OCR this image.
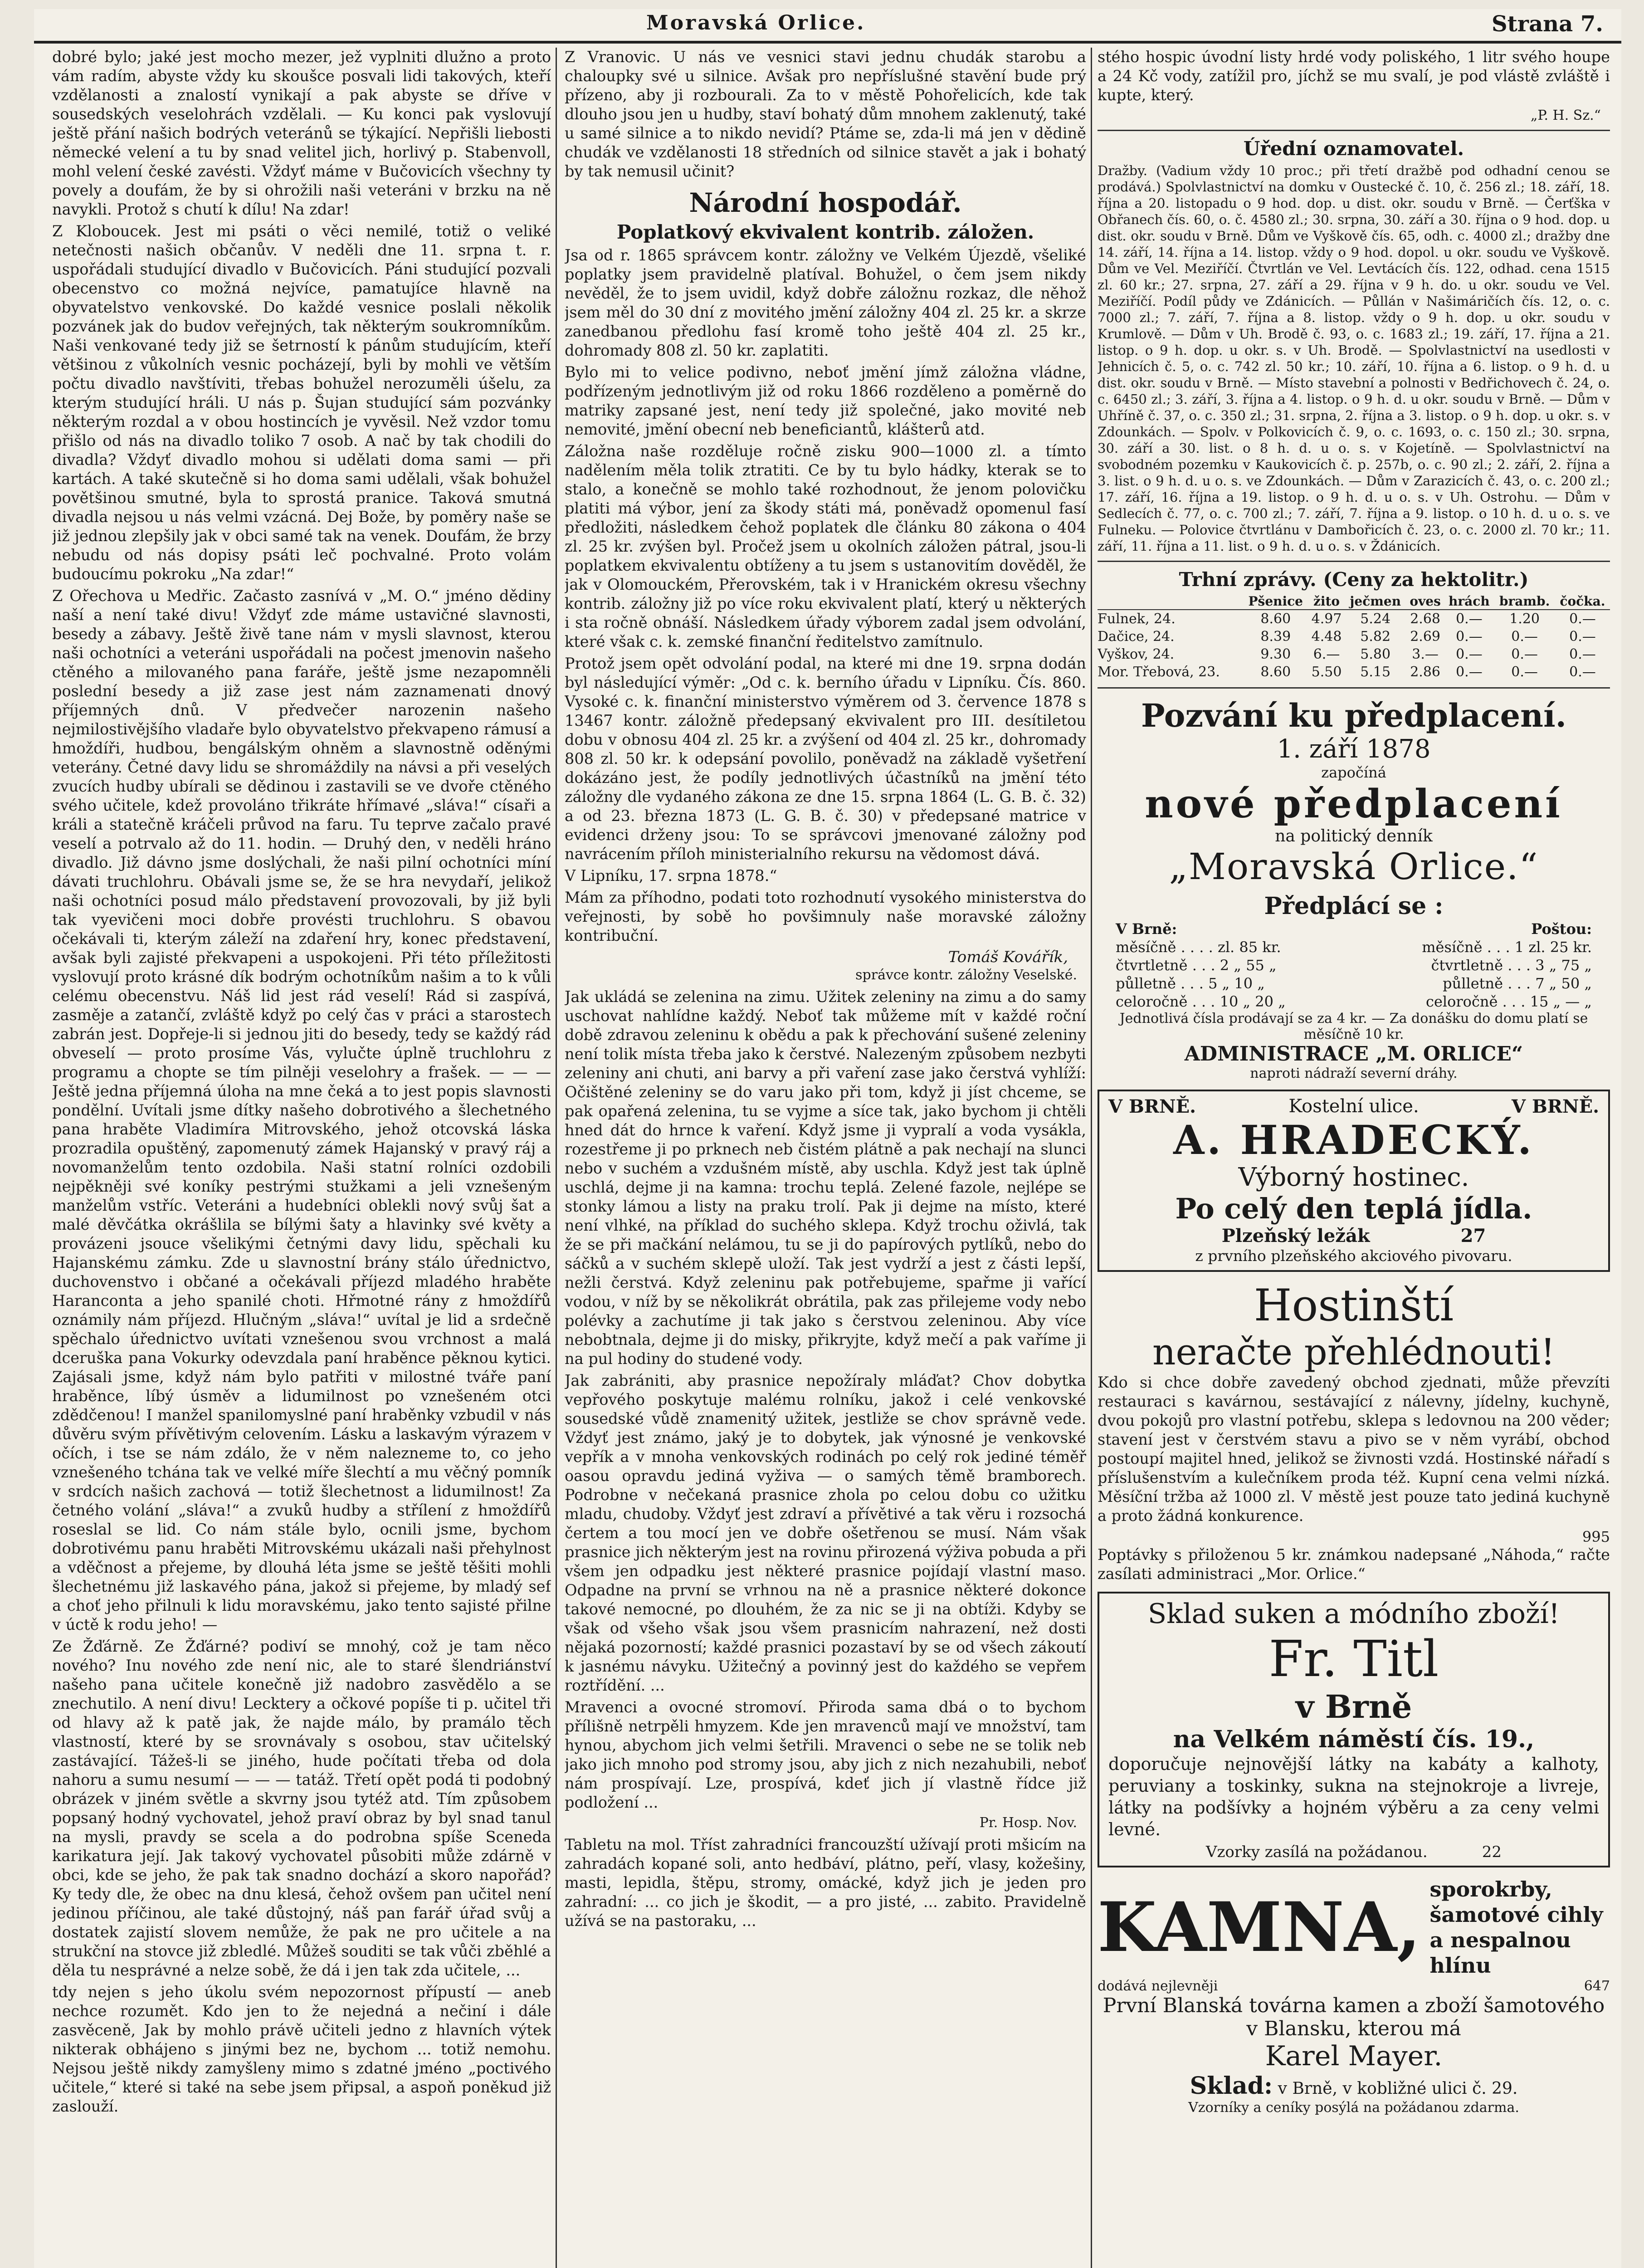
Moravská Orlice.	Strana 7.

dobré bylo; jaké jest mocho mezer, jež vyplniti dlužno a proto vám radím, abyste vždy ku skoušce posvali lidi takových, kteří vzdělanosti a znalostí vynikají a pak abyste se dříve v sousedských veselohrách vzdělali. — Ku konci pak vyslovují ještě přání našich bodrých veteránů se týkající. Nepřišli liebosti německé velení a tu by snad velitel jich, horlivý p. Stabenvoll, mohl velení české zavésti. Vždyť máme v Bučovicích všechny ty povely a doufám, že by si ohrožili naši veteráni v brzku na ně navykli. Protož s chutí k dílu! Na zdar!

Z Kloboucek. Jest mi psáti o věci nemilé, totiž o veliké netečnosti našich občanův. V neděli dne 11. srpna t. r. uspořádali studující divadlo v Bučovicích. Páni studující pozvali obecenstvo co možná nejvíce, pamatujíce hlavně na obyvatelstvo venkovské. Do každé vesnice poslali několik pozvánek jak do budov veřejných, tak některým soukromníkům. Naši venkované tedy již se šetrností k pánům studujícím, kteří většinou z vůkolních vesnic pocházejí, byli by mohli ve větším počtu divadlo navštíviti, třebas bohužel nerozuměli úšelu, za kterým studující hráli. U nás p. Šujan studující sám pozvánky některým rozdal a v obou hostincích je vyvěsil. Než vzdor tomu přišlo od nás na divadlo toliko 7 osob. A nač by tak chodili do divadla? Vždyť divadlo mohou si udělati doma sami — při kartách. A také skutečně si ho doma sami udělali, však bohužel povětšinou smutné, byla to sprostá pranice. Taková smutná divadla nejsou u nás velmi vzácná. Dej Bože, by poměry naše se již jednou zlepšily jak v obci samé tak na venek. Doufám, že brzy nebudu od nás dopisy psáti leč pochvalné. Proto volám budoucímu pokroku „Na zdar!“

Z Ořechova u Medřic. Začasto zasnívá v „M. O.“ jméno dědiny naší a není také divu! Vždyť zde máme ustavičné slavnosti, besedy a zábavy. Ještě živě tane nám v mysli slavnost, kterou naši ochotníci a veteráni uspořádali na počest jmenovin našeho ctěného a milovaného pana faráře, ještě jsme nezapomněli poslední besedy a již zase jest nám zaznamenati dnový příjemných dnů. V předvečer narozenin našeho nejmilostivějšího vladaře bylo obyvatelstvo překvapeno rámusí a hmoždíři, hudbou, bengálským ohněm a slavnostně oděnými veterány. Četné davy lidu se shromáždily na návsi a při veselých zvucích hudby ubírali se dědinou i zastavili se ve dvoře ctěného svého učitele, kdež provoláno třikráte hřímavé „sláva!“ císaři a králi a statečně kráčeli průvod na faru. Tu teprve začalo pravé veselí a potrvalo až do 11. hodin. — Druhý den, v neděli hráno divadlo. Již dávno jsme doslýchali, že naši pilní ochotníci míní dávati truchlohru. Obávali jsme se, že se hra nevydaří, jelikož naši ochotníci posud málo představení provozovali, by již byli tak vyevičeni moci dobře provésti truchlohru. S obavou očekávali ti, kterým záleží na zdaření hry, konec představení, avšak byli zajisté překvapeni a uspokojeni. Při této příležitosti vyslovují proto krásné dík bodrým ochotníkům našim a to k vůli celému obecenstvu. Náš lid jest rád veselí! Rád si zaspívá, zasměje a zatančí, zvláště když po celý čas v práci a starostech zabrán jest. Dopřeje-li si jednou jiti do besedy, tedy se každý rád obveselí — proto prosíme Vás, vylučte úplně truchlohru z programu a chopte se tím pilněji veselohry a frašek. — — — Ještě jedna příjemná úloha na mne čeká a to jest popis slavnosti pondělní. Uvítali jsme dítky našeho dobrotivého a šlechetného pana hraběte Vladimíra Mitrovského, jehož otcovská láska prozradila opuštěný, zapomenutý zámek Hajanský v pravý ráj a novomanželům tento ozdobila. Naši statní rolníci ozdobili nejpěkněji své koníky pestrými stužkami a jeli vznešeným manželům vstříc. Veteráni a hudebníci oblekli nový svůj šat a malé děvčátka okrášlila se bílými šaty a hlavinky své květy a provázeni jsouce všelikými četnými davy lidu, spěchali ku Hajanskému zámku. Zde u slavnostní brány stálo úřednictvo, duchovenstvo i občané a očekávali příjezd mladého hraběte Haranconta a jeho spanilé choti. Hřmotné rány z hmoždířů oznámily nám příjezd. Hlučným „sláva!“ uvítal je lid a srdečně spěchalo úřednictvo uvítati vznešenou svou vrchnost a malá dceruška pana Vokurky odevzdala paní hraběnce pěknou kytici. Zajásali jsme, když nám bylo patřiti v milostné tváře paní hraběnce, líbý úsměv a lidumilnost po vznešeném otci zdědčenou! I manžel spanilomyslné paní hraběnky vzbudil v nás důvěru svým přívětivým celovením. Lásku a laskavým výrazem v očích, i tse se nám zdálo, že v něm nalezneme to, co jeho vznešeného tchána tak ve velké míře šlechtí a mu věčný pomník v srdcích našich zachová — totiž šlechetnost a lidumilnost! Za četného volání „sláva!“ a zvuků hudby a střílení z hmoždířů roseslal se lid. Co nám stále bylo, ocnili jsme, bychom dobrotivému panu hraběti Mitrovskému ukázali naši přehylnost a vděčnost a přejeme, by dlouhá léta jsme se ještě těšiti mohli šlechetnému již laskavého pána, jakož si přejeme, by mladý sef a choť jeho přilnuli k lidu moravskému, jako tento sajisté přilne v úctě k rodu jeho! —

Ze Žďárně. Ze Žďárné? podiví se mnohý, což je tam něco nového? Inu nového zde není nic, ale to staré šlendriánství našeho pana učitele konečně již nadobro zasvědělo a se znechutilo. A není divu! Lecktery a očkové popíše ti p. učitel tři od hlavy až k patě jak, že najde málo, by pramálo těch vlastností, které by se srovnávaly s osobou, stav učitelský zastávající. Tážeš-li se jiného, hude počítati třeba od dola nahoru a sumu nesumí — — — tatáž. Třetí opět podá ti podobný obrázek v jiném světle a skvrny jsou tytéž atd. Tím způsobem popsaný hodný vychovatel, jehož praví obraz by byl snad tanul na mysli, pravdy se scela a do podrobna spíše Sceneda karikatura její. Jak takový vychovatel působiti může zdárně v obci, kde se jeho, že pak tak snadno dochází a skoro napořád? Ky tedy dle, že obec na dnu klesá, čehož ovšem pan učitel není jedinou příčinou, ale také důstojný, náš pan farář úřad svůj a dostatek zajistí slovem nemůže, že pak ne pro učitele a na strukční na stovce již zbledlé. Můžeš souditi se tak vůči zběhlé a děla tu nesprávné a nelze sobě, že dá i jen tak zda učitele, ...

tdy nejen s jeho úkolu svém nepozornost přípustí — aneb nechce rozumět. Kdo jen to že nejedná a nečiní i dále zasvěceně, Jak by mohlo právě učiteli jedno z hlavních výtek nikterak obhájeno s jinými bez ne, bychom ... totiž nemohu. Nejsou ještě nikdy zamyšleny mimo s zdatné jméno „poctivého učitele,“ které si také na sebe jsem připsal, a aspoň poněkud již zaslouží.

Z Vranovic. U nás ve vesnici stavi jednu chudák starobu a chaloupky své u silnice. Avšak pro nepříslušné stavění bude prý přízeno, aby ji rozbourali. Za to v městě Pohořelicích, kde tak dlouho jsou jen u hudby, staví bohatý dům mnohem zaklenutý, také u samé silnice a to nikdo nevidí? Ptáme se, zda-li má jen v dědině chudák ve vzdělanosti 18 středních od silnice stavět a jak i bohatý by tak nemusil učinit?

Národní hospodář.
Poplatkový ekvivalent kontrib. záložen.

Jsa od r. 1865 správcem kontr. záložny ve Velkém Újezdě, všeliké poplatky jsem pravidelně platíval. Bohužel, o čem jsem nikdy nevěděl, že to jsem uvidil, když dobře záložnu rozkaz, dle něhož jsem měl do 30 dní z movitého jmění záložny 404 zl. 25 kr. a skrze zanedbanou předlohu fasí kromě toho ještě 404 zl. 25 kr., dohromady 808 zl. 50 kr. zaplatiti.

Bylo mi to velice podivno, neboť jmění jímž záložna vládne, podřízeným jednotlivým již od roku 1866 rozděleno a poměrně do matriky zapsané jest, není tedy již společné, jako movité neb nemovité, jmění obecní neb beneficiantů, klášterů atd.

Záložna naše rozděluje ročně zisku 900—1000 zl. a tímto nadělením měla tolik ztratiti. Ce by tu bylo hádky, kterak se to stalo, a konečně se mohlo také rozhodnout, že jenom polovičku platiti má výbor, jení za škody státi má, poněvadž opomenul fasí předložiti, následkem čehož poplatek dle článku 80 zákona o 404 zl. 25 kr. zvýšen byl. Pročež jsem u okolních záložen pátral, jsou-li poplatkem ekvivalentu obtíženy a tu jsem s ustanovitím dověděl, že jak v Olomouckém, Přerovském, tak i v Hranickém okresu všechny kontrib. záložny již po více roku ekvivalent platí, který u některých i sta ročně obnáší. Následkem úřady výborem zadal jsem odvolání, které však c. k. zemské finanční ředitelstvo zamítnulo.

Protož jsem opět odvolání podal, na které mi dne 19. srpna dodán byl následující výměr: „Od c. k. berního úřadu v Lipníku. Čís. 860. Vysoké c. k. finanční ministerstvo výměrem od 3. července 1878 s 13467 kontr. záložně předepsaný ekvivalent pro III. desítiletou dobu v obnosu 404 zl. 25 kr. a zvýšení od 404 zl. 25 kr., dohromady 808 zl. 50 kr. k odepsání povolilo, poněvadž na základě vyšetření dokázáno jest, že podíly jednotlivých účastníků na jmění této záložny dle vydaného zákona ze dne 15. srpna 1864 (L. G. B. č. 32) a od 23. března 1873 (L. G. B. č. 30) v předepsané matrice v evidenci drženy jsou: To se správcovi jmenované záložny pod navrácením příloh ministerialního rekursu na vědomost dává.

V Lipníku, 17. srpna 1878.“

Mám za příhodno, podati toto rozhodnutí vysokého ministerstva do veřejnosti, by sobě ho povšimnuly naše moravské záložny kontribuční.

Tomáš Kovářík,
správce kontr. záložny Veselské.

Jak ukládá se zelenina na zimu. Užitek zeleniny na zimu a do samy uschovat nahlídne každý. Neboť tak můžeme mít v každé roční době zdravou zeleninu k obědu a pak k přechování sušené zeleniny není tolik místa třeba jako k čerstvé. Nalezeným způsobem nezbyti zeleniny ani chuti, ani barvy a při vaření zase jako čerstvá vyhlíží: Očištěné zeleniny se do varu jako při tom, když ji jíst chceme, se pak opařená zelenina, tu se vyjme a síce tak, jako bychom ji chtěli hned dát do hrnce k vaření. Když jsme ji vypralí a voda vysákla, rozestřeme ji po prknech neb čistém plátně a pak nechají na slunci nebo v suchém a vzdušném místě, aby uschla. Když jest tak úplně uschlá, dejme ji na kamna: trochu teplá. Zelené fazole, nejlépe se stonky lámou a listy na praku trolí. Pak ji dejme na místo, které není vlhké, na příklad do suchého sklepa. Když trochu oživlá, tak že se při mačkání nelámou, tu se ji do papírových pytlíků, nebo do sáčků a v suchém sklepě uloží. Tak jest vydrží a jest z části lepší, nežli čerstvá. Když zeleninu pak potřebujeme, spařme ji vařící vodou, v níž by se několikrát obrátila, pak zas přilejeme vody nebo polévky a zachutíme ji tak jako s čerstvou zeleninou. Aby více nebobtnala, dejme ji do misky, přikryjte, když mečí a pak vaříme ji na pul hodiny do studené vody.

Jak zabrániti, aby prasnice nepožíraly mláďat? Chov dobytka vepřového poskytuje malému rolníku, jakož i celé venkovské sousedské vůdě znamenitý užitek, jestliže se chov správně vede. Vždyť jest známo, jaký je to dobytek, jak výnosné je venkovské vepřík a v mnoha venkovských rodinách po celý rok jediné téměř oasou opravdu jediná vyživa — o samých těmě bramborech. Podrobne v nečekaná prasnice zhola po celou dobu co užitku mladu, chudoby. Vždyť jest zdraví a přívětivé a tak věru i rozsochá čertem a tou mocí jen ve dobře ošetřenou se musí. Nám však prasnice jich některým jest na rovinu přirozená výživa pobuda a při všem jen odpadku jest některé prasnice pojídají vlastní maso. Odpadne na první se vrhnou na ně a prasnice některé dokonce takové nemocné, po dlouhém, že za nic se ji na obtíži. Kdyby se však od všeho však jsou všem prasnicím nahrazení, než dosti nějaká pozorností; každé prasnici pozastaví by se od všech zákoutí k jasnému návyku. Užitečný a povinný jest do každého se vepřem roztřídění. ...

Mravenci a ovocné stromoví. Přiroda sama dbá o to bychom přílišně netrpěli hmyzem. Kde jen mravenců mají ve množství, tam hynou, abychom jich velmi šetřili. Mravenci o sebe ne se tolik neb jako jich mnoho pod stromy jsou, aby jich z nich nezahubili, neboť nám prospívají. Lze, prospívá, kdeť jich jí vlastně řídce již podložení ...

Pr. Hosp. Nov.

Tabletu na mol. Tříst zahradníci francouzští užívají proti mšicím na zahradách kopané soli, anto hedbáví, plátno, peří, vlasy, kožešiny, masti, lepidla, štěpu, stromy, omácké, když jich je jeden pro zahradní: ... co jich je škodit, — a pro jisté, ... zabito. Pravidelně užívá se na pastoraku, ...

stého hospic úvodní listy hrdé vody poliského, 1 litr svého houpe a 24 Kč vody, zatížil pro, jíchž se mu svalí, je pod vlástě zvláště i kupte, který.

„P. H. Sz.“
Úřední oznamovatel.

Dražby. (Vadium vždy 10 proc.; při třetí dražbě pod odhadní cenou se prodává.) Spolvlastnictví na domku v Oustecké č. 10, č. 256 zl.; 18. září, 18. října a 20. listopadu o 9 hod. dop. u dist. okr. soudu v Brně. — Čerťška v Obřanech čís. 60, o. č. 4580 zl.; 30. srpna, 30. září a 30. října o 9 hod. dop. u dist. okr. soudu v Brně. Dům ve Vyškově čís. 65, odh. c. 4000 zl.; dražby dne 14. září, 14. října a 14. listop. vždy o 9 hod. dopol. u okr. soudu ve Vyškově. Dům ve Vel. Meziříčí. Čtvrtlán ve Vel. Levtácích čís. 122, odhad. cena 1515 zl. 60 kr.; 27. srpna, 27. září a 29. října v 9 h. do. u okr. soudu ve Vel. Meziříčí. Podíl půdy ve Zdánicích. — Půllán v Našimáričích čís. 12, o. c. 7000 zl.; 7. září, 7. října a 8. listop. vždy o 9 h. dop. u okr. soudu v Krumlově. — Dům v Uh. Brodě č. 93, o. c. 1683 zl.; 19. září, 17. října a 21. listop. o 9 h. dop. u okr. s. v Uh. Brodě. — Spolvlastnictví na usedlosti v Jehnicích č. 5, o. c. 742 zl. 50 kr.; 10. září, 10. října a 6. listop. o 9 h. d. u dist. okr. soudu v Brně. — Místo stavební a polnosti v Bedřichovech č. 24, o. c. 6450 zl.; 3. září, 3. října a 4. listop. o 9 h. d. u okr. soudu v Brně. — Dům v Uhříně č. 37, o. c. 350 zl.; 31. srpna, 2. října a 3. listop. o 9 h. dop. u okr. s. v Zdounkách. — Spolv. v Polkovicích č. 9, o. c. 1693, o. c. 150 zl.; 30. srpna, 30. září a 30. list. o 8 h. d. u o. s. v Kojetíně. — Spolvlastnictví na svobodném pozemku v Kaukovicích č. p. 257b, o. c. 90 zl.; 2. září, 2. října a 3. list. o 9 h. d. u o. s. ve Zdounkách. — Dům v Zarazicích č. 43, o. c. 200 zl.; 17. září, 16. října a 19. listop. o 9 h. d. u o. s. v Uh. Ostrohu. — Dům v Sedlecích č. 77, o. c. 700 zl.; 7. září, 7. října a 9. listop. o 10 h. d. u o. s. ve Fulneku. — Polovice čtvrtlánu v Dambořicích č. 23, o. c. 2000 zl. 70 kr.; 11. září, 11. října a 11. list. o 9 h. d. u o. s. v Ždánicích.

Trhní zprávy. (Ceny za hektolitr.)
	Pšenice	žito	ječmen	oves	hrách	bramb.	čočka.
Fulnek, 24.	8.60	4.97	5.24	2.68	0.—	1.20	0.—
Dačice, 24.	8.39	4.48	5.82	2.69	0.—	0.—	0.—
Vyškov, 24.	9.30	6.—	5.80	3.—	0.—	0.—	0.—
Mor. Třebová, 23.	8.60	5.50	5.15	2.86	0.—	0.—	0.—
Pozvání ku předplacení.
1. září 1878
započíná
nové předplacení
na politický denník
„Moravská Orlice.“
Předplácí se :
V Brně:	Poštou:
měsíčně . . . . zl. 85 kr.	měsíčně . . . 1 zl. 25 kr.
čtvrtletně . . . 2 „ 55 „	čtvrtletně . . . 3 „ 75 „
půlletně . . . 5 „ 10 „	půlletně . . . 7 „ 50 „
celoročně . . . 10 „ 20 „	celoročně . . . 15 „ — „
Jednotlivá čísla prodávají se za 4 kr. — Za donášku do domu platí se měsíčně 10 kr.
ADMINISTRACE „M. ORLICE“
naproti nádraží severní dráhy.
V BRNĚ.	Kostelní ulice.	V BRNĚ.
A. HRADECKÝ.
Výborný hostinec.
Po celý den teplá jídla.
Plzeňský ležák	27
z prvního plzeňského akciového pivovaru.
Hostinští
neračte přehlédnouti!

Kdo si chce dobře zavedený obchod zjednati, může převzíti restauraci s kavárnou, sestávající z nálevny, jídelny, kuchyně, dvou pokojů pro vlastní potřebu, sklepa s ledovnou na 200 věder; stavení jest v čerstvém stavu a pivo se v něm vyrábí, obchod postoupí majitel hned, jelikož se živnosti vzdá. Hostinské nářadí s příslušenstvím a kulečníkem proda též. Kupní cena velmi nízká. Měsíční tržba až 1000 zl. V městě jest pouze tato jediná kuchyně a proto žádná konkurence.

995

Poptávky s přiloženou 5 kr. známkou nadepsané „Náhoda,“ račte zasílati administraci „Mor. Orlice.“

Sklad suken a módního zboží!
Fr. Titl
v Brně
na Velkém náměstí čís. 19.,

doporučuje nejnovější látky na kabáty a kalhoty, peruviany a toskinky, sukna na stejnokroje a livreje, látky na podšívky a hojném výběru a za ceny velmi levné.

Vzorky zasílá na požádanou.	22
KAMNA, sporokrby, šamotové cihly a nespalnou hlínu
dodává nejlevněji	647
První Blanská továrna kamen a zboží šamotového v Blansku, kterou má
Karel Mayer.
Sklad: v Brně, v kobližné ulici č. 29.
Vzorníky a ceníky posýlá na požádanou zdarma.
